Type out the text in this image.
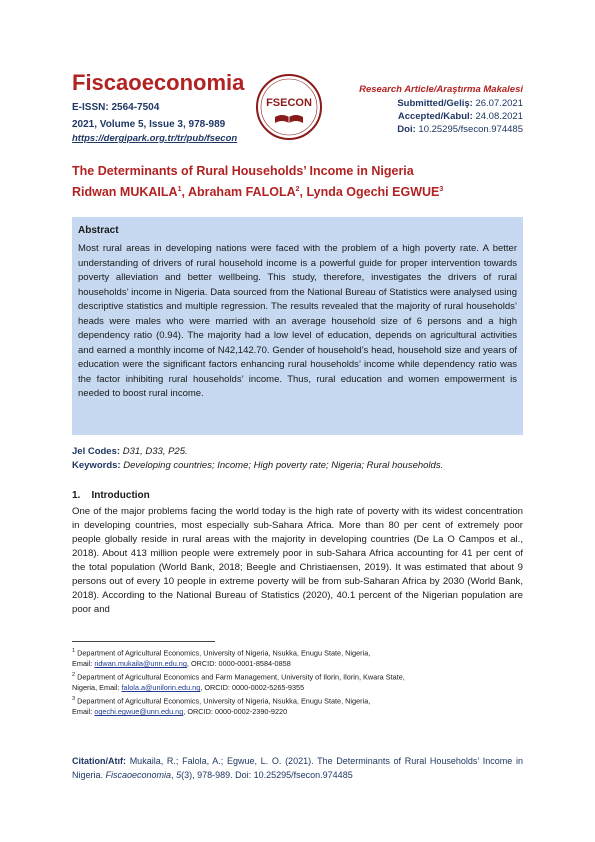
Fiscaoeconomia
E-ISSN: 2564-7504
2021, Volume 5, Issue 3, 978-989
https://dergipark.org.tr/tr/pub/fsecon
FSECON
Research Article/Araştırma Makalesi
Submitted/Geliş: 26.07.2021
Accepted/Kabul: 24.08.2021
Doi: 10.25295/fsecon.974485
The Determinants of Rural Households’ Income in Nigeria
Ridwan MUKAILA$^1$, Abraham FALOLA$^2$, Lynda Ogechi EGWUE$^3$
Abstract
Most rural areas in developing nations were faced with the problem of a high poverty rate. A better understanding of drivers of rural household income is a powerful guide for proper intervention towards poverty alleviation and better wellbeing. This study, therefore, investigates the drivers of rural households’ income in Nigeria. Data sourced from the National Bureau of Statistics were analysed using descriptive statistics and multiple regression. The results revealed that the majority of rural households’ heads were males who were married with an average household size of 6 persons and a high dependency ratio (0.94). The majority had a low level of education, depends on agricultural activities and earned a monthly income of N42,142.70. Gender of household’s head, household size and years of education were the significant factors enhancing rural households’ income while dependency ratio was the factor inhibiting rural households’ income. Thus, rural education and women empowerment is needed to boost rural income.
Jel Codes: D31, D33, P25.
Keywords: Developing countries; Income; High poverty rate; Nigeria; Rural households.
1.    Introduction
One of the major problems facing the world today is the high rate of poverty with its widest concentration in developing countries, most especially sub-Sahara Africa. More than 80 per cent of extremely poor people globally reside in rural areas with the majority in developing countries (De La O Campos et al., 2018). About 413 million people were extremely poor in sub-Sahara Africa accounting for 41 per cent of the total population (World Bank, 2018; Beegle and Christiaensen, 2019). It was estimated that about 9 persons out of every 10 people in extreme poverty will be from sub-Saharan Africa by 2030 (World Bank, 2018). According to the National Bureau of Statistics (2020), 40.1 percent of the Nigerian population are poor and
$^1$ Department of Agricultural Economics, University of Nigeria, Nsukka, Enugu State, Nigeria,
Email: ridwan.mukaila@unn.edu.ng, ORCID: 0000-0001-8584-0858
$^2$ Department of Agricultural Economics and Farm Management, University of Ilorin, Ilorin, Kwara State,
Nigeria, Email: falola.a@unilorin.edu.ng, ORCID: 0000-0002-5265-9355
$^3$ Department of Agricultural Economics, University of Nigeria, Nsukka, Enugu State, Nigeria,
Email: ogechi.egwue@unn.edu.ng, ORCID: 0000-0002-2390-9220
Citation/Atıf: Mukaila, R.; Falola, A.; Egwue, L. O. (2021). The Determinants of Rural Households’ Income in Nigeria. Fiscaoeconomia, 5(3), 978-989. Doi: 10.25295/fsecon.974485
